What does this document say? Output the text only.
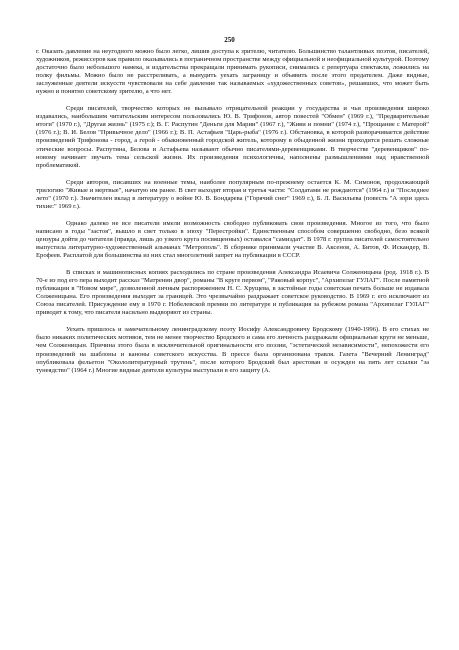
250

г. Оказать давление на неугодного можно было легко, лишив доступа к зрителю, читателю. Большинство талантливых поэтов, писателей, художников, режиссеров как правило оказывались в пограничном пространстве между официальной и неофициальной культурой. Поэтому достаточно было небольшого намека, и издательства прекращали принимать рукописи, снимались с репертуара спектакли, ложились на полку фильмы. Можно было не расстреливать, а вынудить уехать заграницу и объявить после этого предателем. Даже видные, заслуженные деятели искусств чувствовали на себе давление так называемых «художественных советов», решавших, что может быть нужно и понятно советскому зрителю, а что нет.

Среди писателей, творчество которых не вызывало отрицательной реакции у государства и чьи произведения широко издавались, наибольшим читательским интересом пользовались Ю. В. Трифонов, автор повестей "Обмен" (1969 г.), "Предварительные итоги" (1970 г.), "Другая жизнь" (1975 г.); В. Г. Распутин "Деньги для Марии" (1967 г.), "Живи и помни" (1974 г.), "Прощание с Матерой" (1976 г.); В. И. Белов "Привычное дело" (1966 г.); В. П. Астафьев "Царь-рыба" (1976 г.). Обстановка, в которой разворачивается действие произведений Трифонова - город, а герой - обыкновенный городской житель, которому в обыденной жизни приходится решать сложные этические вопросы. Распутина, Белова и Астафьева называют обычно писателями-деревенщиками. В творчестве "деревенщиков" по-новому начинает звучать тема сельской жизни. Их произведения психологичны, наполнены размышлениями над нравственной проблематикой.

Среди авторов, писавших на военные темы, наиболее популярным по-прежнему остается К. М. Симонов, продолжающий трилогию "Живые и мертвые", начатую им ранее. В свет выходят вторая и третья части: "Солдатами не рождаются" (1964 г.) и "Последнее лето" (1970 г.). Значителен вклад в литературу о войне Ю. В. Бондарева ("Горячий снег" 1969 г.), Б. Л. Васильева (повесть "А зори здесь тихие:" 1969 г.).

Однако далеко не все писатели имели возможность свободно публиковать свои произведения. Многое из того, что было написано в годы "застоя", вышло в свет только в эпоху "Перестройки". Единственным способом совершенно свободно, безо всякой цензуры дойти до читателя (правда, лишь до узкого круга посвященных) оставался "самиздат". В 1978 г. группа писателей самостоятельно выпустила литературно-художественный альманах "Метрополь". В сборнике принимали участие В. Аксенов, А. Битов, Ф. Искандер, В. Ерофеев. Расплатой для большинства из них стал многолетний запрет на публикации в СССР.

В списках и машинописных копиях расходились по стране произведения Александра Исаевича Солженицына (род. 1918 г.). В 70-е из под его пера выходит рассказ "Матренин двор", романы "В круге первом", "Раковый корпус", "Архипелаг ГУЛАГ". После памятной публикации в "Новом мире", дозволенной личным распоряжением Н. С. Хрущева, в застойные годы советская печать больше не издавала Солженицына. Его произведения выходят за границей. Это чрезвычайно раздражает советское руководство. В 1969 г. его исключают из Союза писателей. Присуждение ему в 1970 г. Нобелевской премии по литературе и публикация за рубежом романа "Архипелаг ГУЛАГ" приводят к тому, что писателя насильно выдворяют из страны.

Уехать пришлось и замечательному ленинградскому поэту Иосифу Александровичу Бродскому (1940-1996). В его стихах не было никаких политических мотивов, тем не менее творчество Бродского и сама его личность раздражали официальные круги не меньше, чем Солженицын. Причина этого была в исключительной оригинальности его поэзии, "эстетической независимости", непохожести его произведений на шаблоны и каноны советского искусства. В прессе была организована травля. Газета "Вечерний Ленинград" опубликовала фельетон "Окололитературный трутень", после которого Бродский был арестован и осужден на пять лет ссылки "за тунеядство" (1964 г.) Многие видные деятели культуры выступали в его защиту (А.
